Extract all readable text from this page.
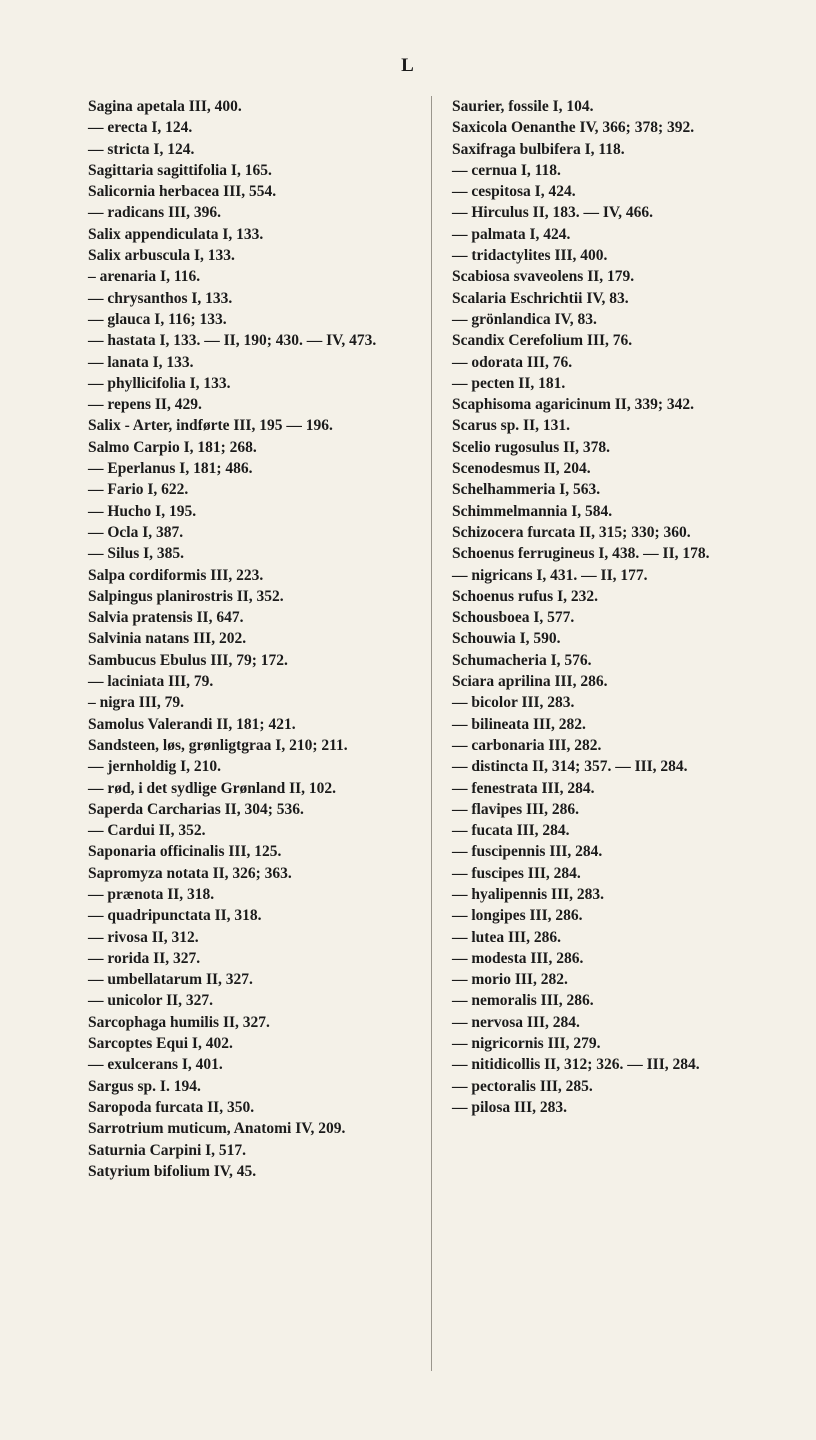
L
Sagina apetala III, 400.
— erecta I, 124.
— stricta I, 124.
Sagittaria sagittifolia I, 165.
Salicornia herbacea III, 554.
— radicans III, 396.
Salix appendiculata I, 133.
Salix arbuscula I, 133.
– arenaria I, 116.
— chrysanthos I, 133.
— glauca I, 116; 133.
— hastata I, 133. — II, 190; 430. — IV, 473.
— lanata I, 133.
— phyllicifolia I, 133.
— repens II, 429.
Salix - Arter, indførte III, 195 — 196.
Salmo Carpio I, 181; 268.
— Eperlanus I, 181; 486.
— Fario I, 622.
— Hucho I, 195.
— Ocla I, 387.
— Silus I, 385.
Salpa cordiformis III, 223.
Salpingus planirostris II, 352.
Salvia pratensis II, 647.
Salvinia natans III, 202.
Sambucus Ebulus III, 79; 172.
— laciniata III, 79.
– nigra III, 79.
Samolus Valerandi II, 181; 421.
Sandsteen, løs, grønligtgraa I, 210; 211.
— jernholdig I, 210.
— rød, i det sydlige Grønland II, 102.
Saperda Carcharias II, 304; 536.
— Cardui II, 352.
Saponaria officinalis III, 125.
Sapromyza notata II, 326; 363.
— prænota II, 318.
— quadripunctata II, 318.
— rivosa II, 312.
— rorida II, 327.
— umbellatarum II, 327.
— unicolor II, 327.
Sarcophaga humilis II, 327.
Sarcoptes Equi I, 402.
— exulcerans I, 401.
Sargus sp. I. 194.
Saropoda furcata II, 350.
Sarrotrium muticum, Anatomi IV, 209.
Saturnia Carpini I, 517.
Satyrium bifolium IV, 45.
Saurier, fossile I, 104.
Saxicola Oenanthe IV, 366; 378; 392.
Saxifraga bulbifera I, 118.
— cernua I, 118.
— cespitosa I, 424.
— Hirculus II, 183. — IV, 466.
— palmata I, 424.
— tridactylites III, 400.
Scabiosa svaveolens II, 179.
Scalaria Eschrichtii IV, 83.
— grönlandica IV, 83.
Scandix Cerefolium III, 76.
— odorata III, 76.
— pecten II, 181.
Scaphisoma agaricinum II, 339; 342.
Scarus sp. II, 131.
Scelio rugosulus II, 378.
Scenodesmus II, 204.
Schelhammeria I, 563.
Schimmelmannia I, 584.
Schizocera furcata II, 315; 330; 360.
Schoenus ferrugineus I, 438. — II, 178.
— nigricans I, 431. — II, 177.
Schoenus rufus I, 232.
Schousboea I, 577.
Schouwia I, 590.
Schumacheria I, 576.
Sciara aprilina III, 286.
— bicolor III, 283.
— bilineata III, 282.
— carbonaria III, 282.
— distincta II, 314; 357. — III, 284.
— fenestrata III, 284.
— flavipes III, 286.
— fucata III, 284.
— fuscipennis III, 284.
— fuscipes III, 284.
— hyalipennis III, 283.
— longipes III, 286.
— lutea III, 286.
— modesta III, 286.
— morio III, 282.
— nemoralis III, 286.
— nervosa III, 284.
— nigricornis III, 279.
— nitidicollis II, 312; 326. — III, 284.
— pectoralis III, 285.
— pilosa III, 283.
